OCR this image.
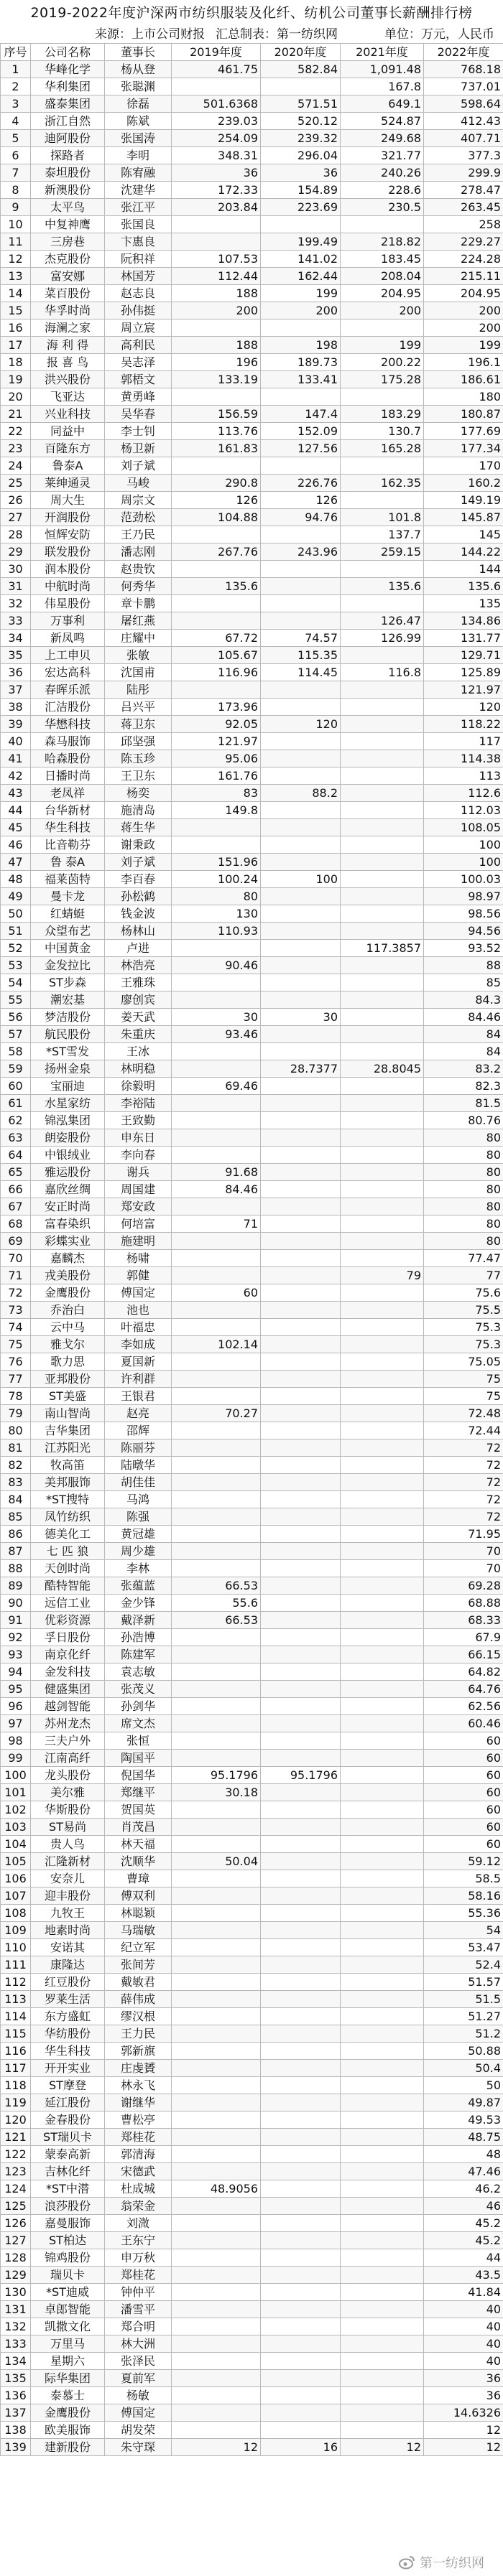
2019-2022年度沪深两市纺织服装及化纤、纺机公司董事长薪酬排行榜
来源：上市公司财报 汇总制表：第一纺织网	单位：万元，人民币
序号	公司名称	董事长	2019年度	2020年度	2021年度	2022年度
1	华峰化学	杨从登	461.75	582.84	1,091.48	768.18
2	华利集团	张聪渊			167.8	737.01
3	盛泰集团	徐磊	501.6368	571.51	649.1	598.64
4	浙江自然	陈斌	239.03	520.12	524.87	412.43
5	迪阿股份	张国涛	254.09	239.32	249.68	407.71
6	探路者	李明	348.31	296.04	321.77	377.3
7	泰坦股份	陈宥融	36	36	240.26	299.9
8	新澳股份	沈建华	172.33	154.89	228.6	278.47
9	太平鸟	张江平	203.84	223.69	230.5	263.45
10	中复神鹰	张国良				258
11	三房巷	卞惠良		199.49	218.82	229.27
12	杰克股份	阮积祥	107.53	141.02	183.45	224.28
13	富安娜	林国芳	112.44	162.44	208.04	215.11
14	菜百股份	赵志良	188	199	204.95	204.95
15	华孚时尚	孙伟挺	200	200	200	200
16	海澜之家	周立宸				200
17	海 利 得	高利民	188	198	199	199
18	报 喜 鸟	吴志泽	196	189.73	200.22	196.1
19	洪兴股份	郭梧文	133.19	133.41	175.28	186.61
20	飞亚达	黄勇峰				180
21	兴业科技	吴华春	156.59	147.4	183.29	180.87
22	同益中	李士钊	113.76	152.09	130.7	177.69
23	百隆东方	杨卫新	161.83	127.56	165.28	177.34
24	鲁泰A	刘子斌				170
25	莱绅通灵	马峻	290.8	226.76	162.35	160.2
26	周大生	周宗文	126	126		149.19
27	开润股份	范劲松	104.88	94.76	101.8	145.87
28	恒辉安防	王乃民			137.7	145
29	联发股份	潘志刚	267.76	243.96	259.15	144.22
30	润本股份	赵贵钦				144
31	中航时尚	何秀华	135.6		135.6	135.6
32	伟星股份	章卡鹏				135
33	万事利	屠红燕			126.47	134.86
34	新凤鸣	庄耀中	67.72	74.57	126.99	131.77
35	上工申贝	张敏	105.67	115.35		129.71
36	宏达高科	沈国甫	116.96	114.45	116.8	125.89
37	春晖乐派	陆彤				121.97
38	汇洁股份	吕兴平	173.96			120
39	华懋科技	蒋卫东	92.05	120		118.22
40	森马服饰	邱坚强	121.97			117
41	哈森股份	陈玉珍	95.06			114.38
42	日播时尚	王卫东	161.76			113
43	老凤祥	杨奕	83	88.2		112.6
44	台华新材	施清岛	149.8			112.03
45	华生科技	蒋生华				108.05
46	比音勒芬	谢秉政				100
47	鲁 泰A	刘子斌	151.96			100
48	福莱茵特	李百春	100.24	100		100.03
49	曼卡龙	孙松鹤	80			98.97
50	红蜻蜓	钱金波	130			98.56
51	众望布艺	杨林山	110.93			94.56
52	中国黄金	卢进			117.3857	93.52
53	金发拉比	林浩亮	90.46			88
54	ST步森	王雅珠				85
55	潮宏基	廖创宾				84.3
56	梦洁股份	姜天武	30	30		84.46
57	航民股份	朱重庆	93.46			84
58	*ST雪发	王冰				84
59	扬州金泉	林明稳		28.7377	28.8045	83.2
60	宝丽迪	徐毅明	69.46			82.3
61	水星家纺	李裕陆				81.5
62	锦泓集团	王致勤				80.76
63	朗姿股份	申东日				80
64	中银绒业	李向春				80
65	雅运股份	谢兵	91.68			80
66	嘉欣丝绸	周国建	84.46			80
67	安正时尚	郑安政				80
68	富春染织	何培富	71			80
69	彩蝶实业	施建明				80
70	嘉麟杰	杨啸				77.47
71	戎美股份	郭健			79	77
72	金鹰股份	傅国定	60			75.6
73	乔治白	池也				75.5
74	云中马	叶福忠				75.3
75	雅戈尔	李如成	102.14			75.3
76	歌力思	夏国新				75.05
77	亚邦股份	许利群				75
78	ST美盛	王银君				75
79	南山智尚	赵亮	70.27			72.48
80	吉华集团	邵辉				72.44
81	江苏阳光	陈丽芬				72
82	牧高笛	陆暾华				72
83	美邦服饰	胡佳佳				72
84	*ST搜特	马鸿				72
85	凤竹纺织	陈强				72
86	德美化工	黄冠雄				71.95
87	七 匹 狼	周少雄				70
88	天创时尚	李林				70
89	酷特智能	张蕴蓝	66.53			69.28
90	远信工业	金少锋	55.6			68.88
91	优彩资源	戴泽新	66.53			68.33
92	孚日股份	孙浩博				67.9
93	南京化纤	陈建军				66.15
94	金发科技	袁志敏				64.82
95	健盛集团	张茂义				64.76
96	越剑智能	孙剑华				62.56
97	苏州龙杰	席文杰				60.46
98	三夫户外	张恒				60
99	江南高纤	陶国平				60
100	龙头股份	倪国华	95.1796	95.1796		60
101	美尔雅	郑继平	30.18			60
102	华斯股份	贺国英				60
103	ST易尚	肖茂昌				60
104	贵人鸟	林天福				60
105	汇隆新材	沈顺华	50.04			59.12
106	安奈儿	曹璋				58.5
107	迎丰股份	傅双利				58.16
108	九牧王	林聪颖				55.36
109	地素时尚	马瑞敏				54
110	安诺其	纪立军				53.47
111	康隆达	张间芳				52.4
112	红豆股份	戴敏君				51.57
113	罗莱生活	薛伟成				51.5
114	东方盛虹	缪汉根				51.27
115	华纺股份	王力民				51.2
116	华生科技	郭新旗				50.88
117	开开实业	庄虔贇				50.4
118	ST摩登	林永飞				50
119	延江股份	谢继华				49.87
120	金春股份	曹松亭				49.53
121	ST瑞贝卡	郑桂花				48.75
122	蒙泰高新	郭清海				48
123	吉林化纤	宋德武				47.46
124	*ST中潜	杜成城	48.9056			46.2
125	浪莎股份	翁荣金				46
126	嘉曼服饰	刘溦				45.2
127	ST柏达	王东宁				45.2
128	锦鸡股份	申万秋				44
129	瑞贝卡	郑桂花				43.5
130	*ST迪威	钟仲平				41.84
131	卓郎智能	潘雪平				40
132	凯撒文化	郑合明				40
133	万里马	林大洲				40
134	星期六	张泽民				40
135	际华集团	夏前军				36
136	泰慕士	杨敏				36
137	金鹰股份	傅国定				14.6326
138	欧美服饰	胡发荣				12
139	建新股份	朱守琛	12	16	12	12
第一纺织网
